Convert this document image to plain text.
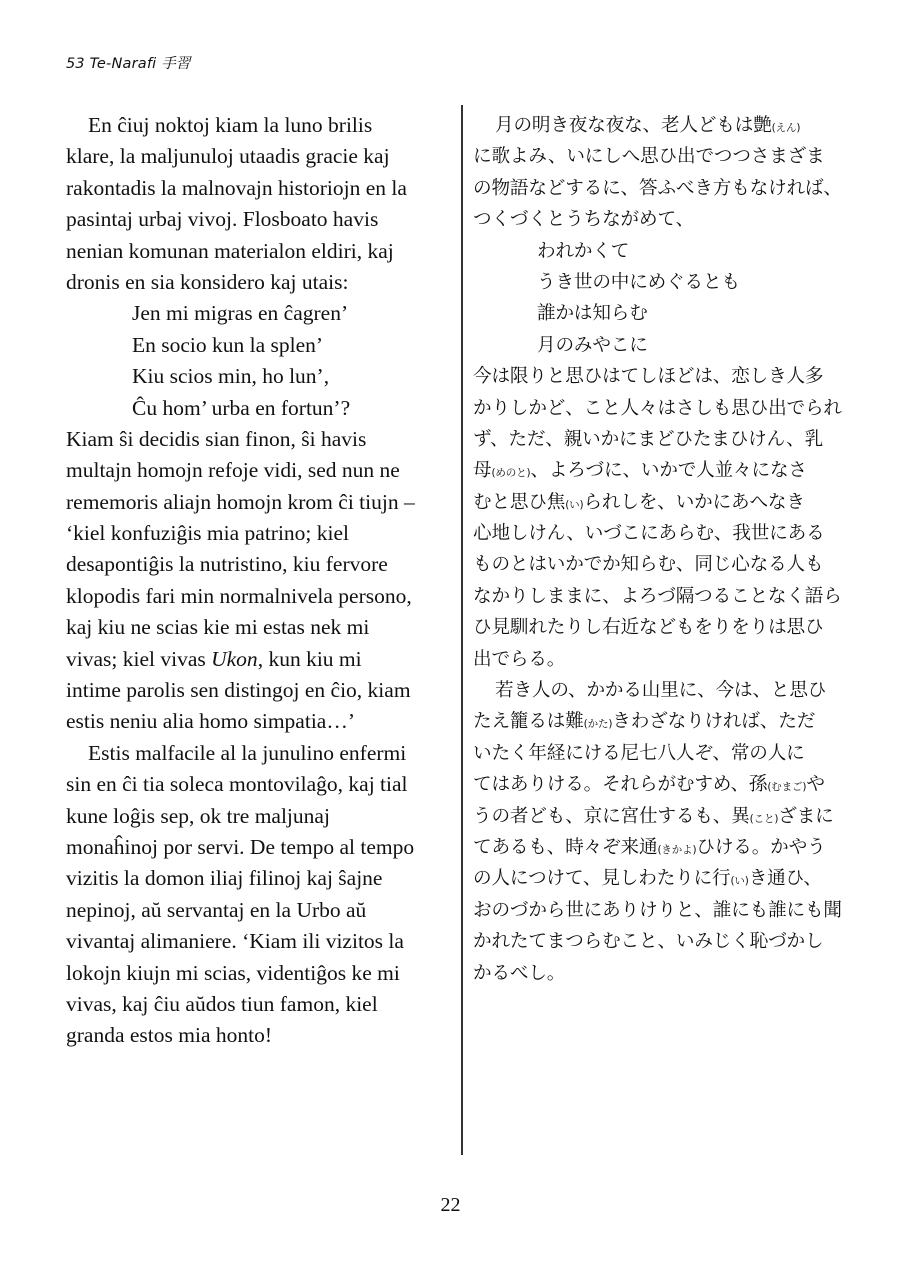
53 Te-Narafi 手習
En ĉiuj noktoj kiam la luno brilis
klare, la maljunuloj utaadis gracie kaj
rakontadis la malnovajn historiojn en la
pasintaj urbaj vivoj. Flosboato havis
nenian komunan materialon eldiri, kaj
dronis en sia konsidero kaj utais:
Jen mi migras en ĉagren’
En socio kun la splen’
Kiu scios min, ho lun’,
Ĉu hom’ urba en fortun’?
Kiam ŝi decidis sian finon, ŝi havis
multajn homojn refoje vidi, sed nun ne
rememoris aliajn homojn krom ĉi tiujn –
‘kiel konfuziĝis mia patrino; kiel
desapontiĝis la nutristino, kiu fervore
klopodis fari min normalnivela persono,
kaj kiu ne scias kie mi estas nek mi
vivas; kiel vivas Ukon, kun kiu mi
intime parolis sen distingoj en ĉio, kiam
estis neniu alia homo simpatia…’
Estis malfacile al la junulino enfermi
sin en ĉi tia soleca montovilaĝo, kaj tial
kune loĝis sep, ok tre maljunaj
monaĥinoj por servi. De tempo al tempo
vizitis la domon iliaj filinoj kaj ŝajne
nepinoj, aŭ servantaj en la Urbo aŭ
vivantaj alimaniere. ‘Kiam ili vizitos la
lokojn kiujn mi scias, videntiĝos ke mi
vivas, kaj ĉiu aŭdos tiun famon, kiel
granda estos mia honto!
月の明き夜な夜な、老人どもは艶(えん)
に歌よみ、いにしへ思ひ出でつつさまざま
の物語などするに、答ふべき方もなければ、
つくづくとうちながめて、
われかくて
うき世の中にめぐるとも
誰かは知らむ
月のみやこに
今は限りと思ひはてしほどは、恋しき人多
かりしかど、こと人々はさしも思ひ出でられ
ず、ただ、親いかにまどひたまひけん、乳
母(めのと)、よろづに、いかで人並々になさ
むと思ひ焦(い)られしを、いかにあへなき
心地しけん、いづこにあらむ、我世にある
ものとはいかでか知らむ、同じ心なる人も
なかりしままに、よろづ隔つることなく語ら
ひ見馴れたりし右近などもをりをりは思ひ
出でらる。
若き人の、かかる山里に、今は、と思ひ
たえ籠るは難(かた)きわざなりければ、ただ
いたく年経にける尼七八人ぞ、常の人に
てはありける。それらがむすめ、孫(むまご)や
うの者ども、京に宮仕するも、異(こと)ざまに
てあるも、時々ぞ来通(きかよ)ひける。かやう
の人につけて、見しわたりに行(い)き通ひ、
おのづから世にありけりと、誰にも誰にも聞
かれたてまつらむこと、いみじく恥づかし
かるべし。
22
